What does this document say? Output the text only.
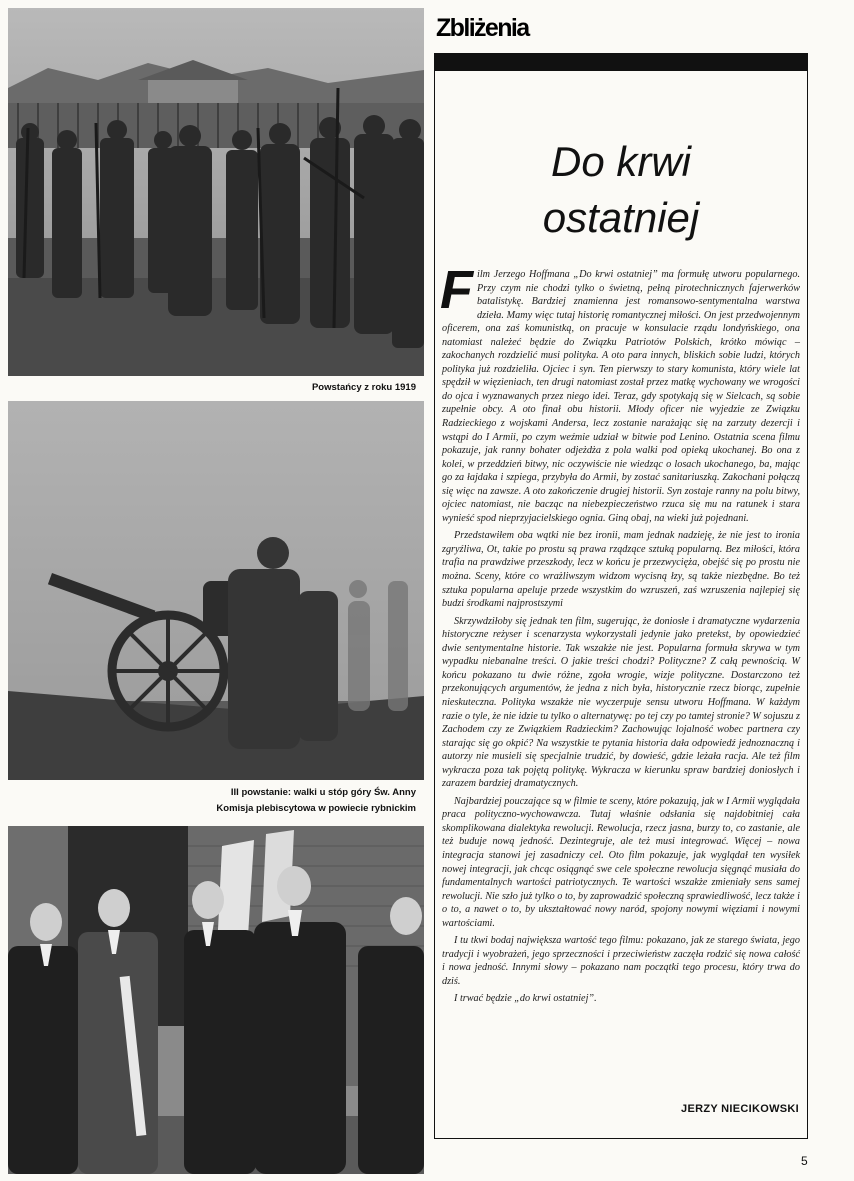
Powstańcy z roku 1919
III powstanie: walki u stóp góry Św. Anny
Komisja plebiscytowa w powiecie rybnickim
Zbliżenia
Do krwi
ostatniej

Film Jerzego Hoffmana „Do krwi ostatniej” ma formułę utworu popularnego. Przy czym nie chodzi tylko o świetną, pełną pirotechnicznych fajerwerków batalistykę. Bardziej znamienna jest romansowo-sentymentalna warstwa dzieła. Mamy więc tutaj historię romantycznej miłości. On jest przedwojennym oficerem, ona zaś komunistką, on pracuje w konsulacie rządu londyńskiego, ona natomiast należeć będzie do Związku Patriotów Polskich, krótko mówiąc – zakochanych rozdzielić musi polityka. A oto para innych, bliskich sobie ludzi, których polityka już rozdzieliła. Ojciec i syn. Ten pierwszy to stary komunista, który wiele lat spędził w więzieniach, ten drugi natomiast został przez matkę wychowany we wrogości do ojca i wyznawanych przez niego idei. Teraz, gdy spotykają się w Sielcach, są sobie zupełnie obcy. A oto finał obu historii. Młody oficer nie wyjedzie ze Związku Radzieckiego z wojskami Andersa, lecz zostanie narażając się na zarzuty dezercji i wstąpi do I Armii, po czym weźmie udział w bitwie pod Lenino. Ostatnia scena filmu pokazuje, jak ranny bohater odjeżdża z pola walki pod opieką ukochanej. Bo ona z kolei, w przeddzień bitwy, nic oczywiście nie wiedząc o losach ukochanego, ba, mając go za łajdaka i szpiega, przybyła do Armii, by zostać sanitariuszką. Zakochani połączą się więc na zawsze. A oto zakończenie drugiej historii. Syn zostaje ranny na polu bitwy, ojciec natomiast, nie bacząc na niebezpieczeństwo rzuca się mu na ratunek i stara wynieść spod nieprzyjacielskiego ognia. Giną obaj, na wieki już pojednani.

Przedstawiłem oba wątki nie bez ironii, mam jednak nadzieję, że nie jest to ironia zgryźliwa, Ot, takie po prostu są prawa rządzące sztuką popularną. Bez miłości, która trafia na prawdziwe przeszkody, lecz w końcu je przezwycięża, obejść się po prostu nie można. Sceny, które co wrażliwszym widzom wycisną łzy, są także niezbędne. Bo też sztuka popularna apeluje przede wszystkim do wzruszeń, zaś wzruszenia najlepiej się budzi środkami najprostszymi

Skrzywdziłoby się jednak ten film, sugerując, że doniosłe i dramatyczne wydarzenia historyczne reżyser i scenarzysta wykorzystali jedynie jako pretekst, by opowiedzieć dwie sentymentalne historie. Tak wszakże nie jest. Popularna formuła skrywa w tym wypadku niebanalne treści. O jakie treści chodzi? Polityczne? Z całą pewnością. W końcu pokazano tu dwie różne, zgoła wrogie, wizje polityczne. Dostarczono też przekonujących argumentów, że jedna z nich była, historycznie rzecz biorąc, zupełnie nieskuteczna. Polityka wszakże nie wyczerpuje sensu utworu Hoffmana. W każdym razie o tyle, że nie idzie tu tylko o alternatywę: po tej czy po tamtej stronie? W sojuszu z Zachodem czy ze Związkiem Radzieckim? Zachowując lojalność wobec partnera czy starając się go okpić? Na wszystkie te pytania historia dała odpowiedź jednoznaczną i autorzy nie musieli się specjalnie trudzić, by dowieść, gdzie leżała racja. Ale też film wykracza poza tak pojętą politykę. Wykracza w kierunku spraw bardziej doniosłych i zarazem bardziej dramatycznych.

Najbardziej pouczające są w filmie te sceny, które pokazują, jak w I Armii wyglądała praca polityczno-wychowawcza. Tutaj właśnie odsłania się najdobitniej cała skomplikowana dialektyka rewolucji. Rewolucja, rzecz jasna, burzy to, co zastanie, ale też buduje nową jedność. Dezintegruje, ale też musi integrować. Więcej – nowa integracja stanowi jej zasadniczy cel. Oto film pokazuje, jak wyglądał ten wysiłek nowej integracji, jak chcąc osiągnąć swe cele społeczne rewolucja sięgnąć musiała do fundamentalnych wartości patriotycznych. Te wartości wszakże zmieniały sens samej rewolucji. Nie szło już tylko o to, by zaprowadzić społeczną sprawiedliwość, lecz także i o to, a nawet o to, by ukształtować nowy naród, spojony nowymi więziami i nowymi wartościami.

I tu tkwi bodaj największa wartość tego filmu: pokazano, jak ze starego świata, jego tradycji i wyobrażeń, jego sprzeczności i przeciwieństw zaczęła rodzić się nowa całość i nowa jedność. Innymi słowy – pokazano nam początki tego procesu, który trwa do dziś.

I trwać będzie „do krwi ostatniej”.

JERZY NIECIKOWSKI
5
